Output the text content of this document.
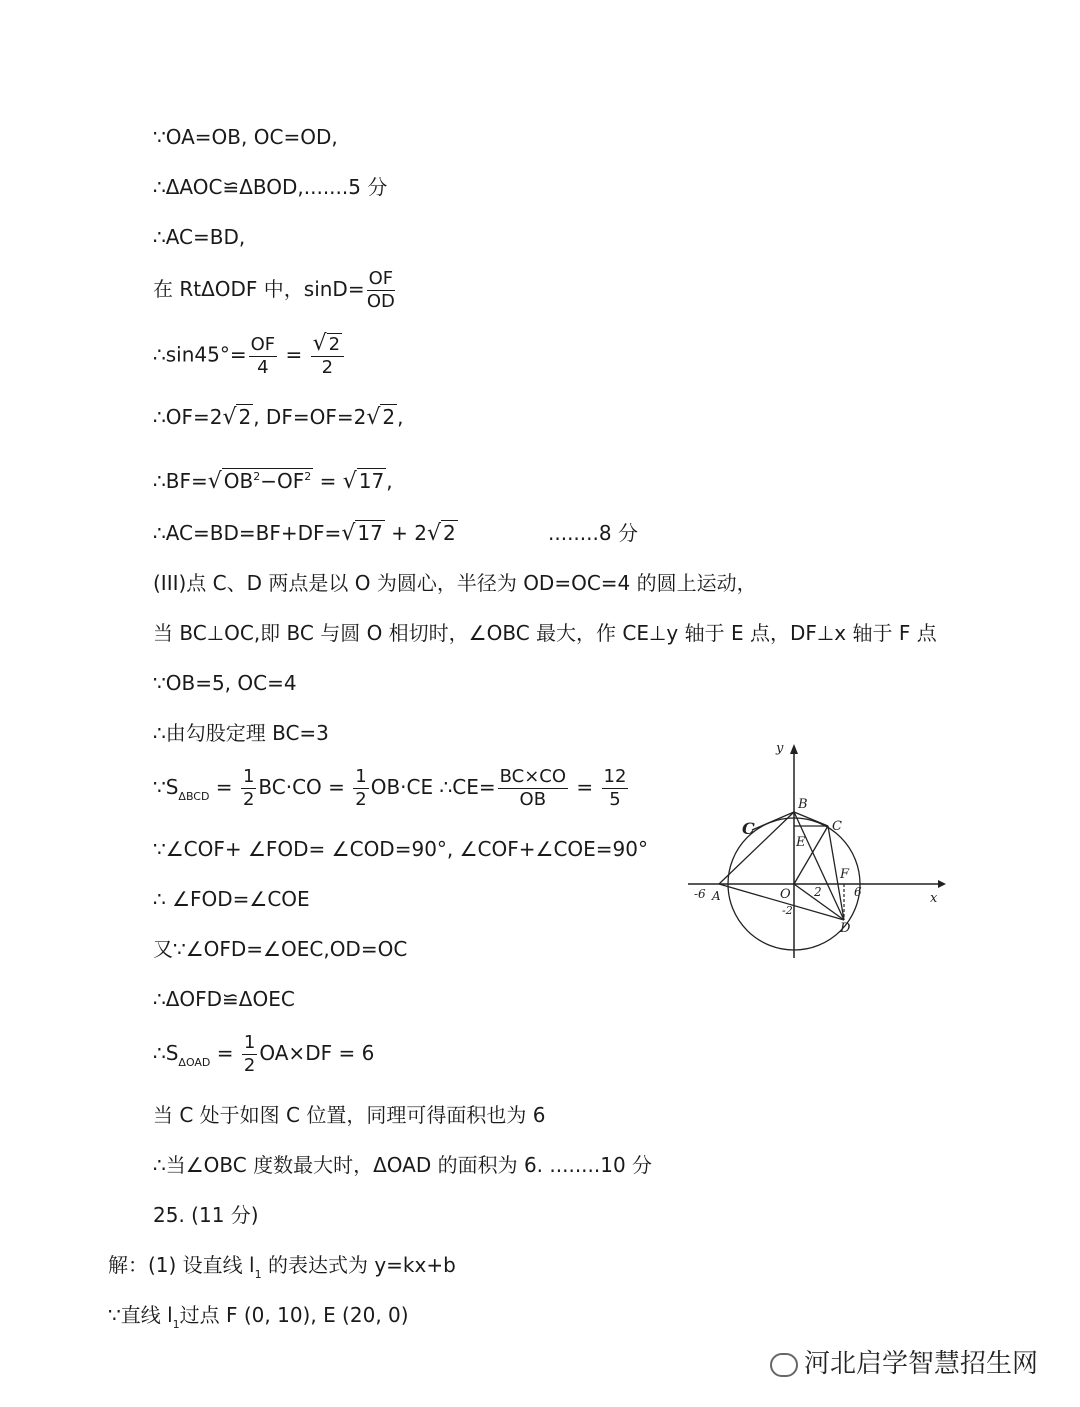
∵OA=OB, OC=OD,
∴ΔAOC≌ΔBOD,.......5 分
∴AC=BD,
在 RtΔODF 中，$\sin D= \frac{OF}{OD}$
∴sin45°= $\frac{OF}{4} = \frac{√ 2}{2}$
∴OF=2√ 2 , DF=OF=2√ 2 ,
∴BF=√ $OB^2-OF^2$ = √ 17 ,
∴AC=BD=BF+DF=√ 17 + 2√ 2	........8 分
(III)点 C、D 两点是以 O 为圆心，半径为 OD=OC=4 的圆上运动，
当 BC⊥OC,即 BC 与圆 O 相切时，∠OBC 最大，作 CE⊥y 轴于 E 点，DF⊥x 轴于 F 点
∵OB=5, OC=4
∴由勾股定理 BC=3
$\because S_{\Delta BCD} = \frac{1}{2} BC\cdot CO = \frac{1}{2} OB\cdot CE$ ∴CE= $\frac{BC\times CO}{OB} = \frac{12}{5}$
∵∠COF+ ∠FOD= ∠COD=90°, ∠COF+∠COE=90°
∴ ∠FOD=∠COE
又∵∠OFD=∠OEC,OD=OC
∴ΔOFD≌ΔOEC
$\therefore S_{\Delta OAD} = \frac{1}{2} OA\times DF = 6$
当 C 处于如图 C 位置，同理可得面积也为 6
∴当∠OBC 度数最大时，ΔOAD 的面积为 6. ........10 分
25. (11 分)
解：(1) 设直线 $l_1$ 的表达式为 y=kx+b
∵直线 $l_1$过点 F (0, 10), E (20, 0)
y
x
B
C
C
E
O
A
-6	2
F
6
-2
D
河北启学智慧招生网
